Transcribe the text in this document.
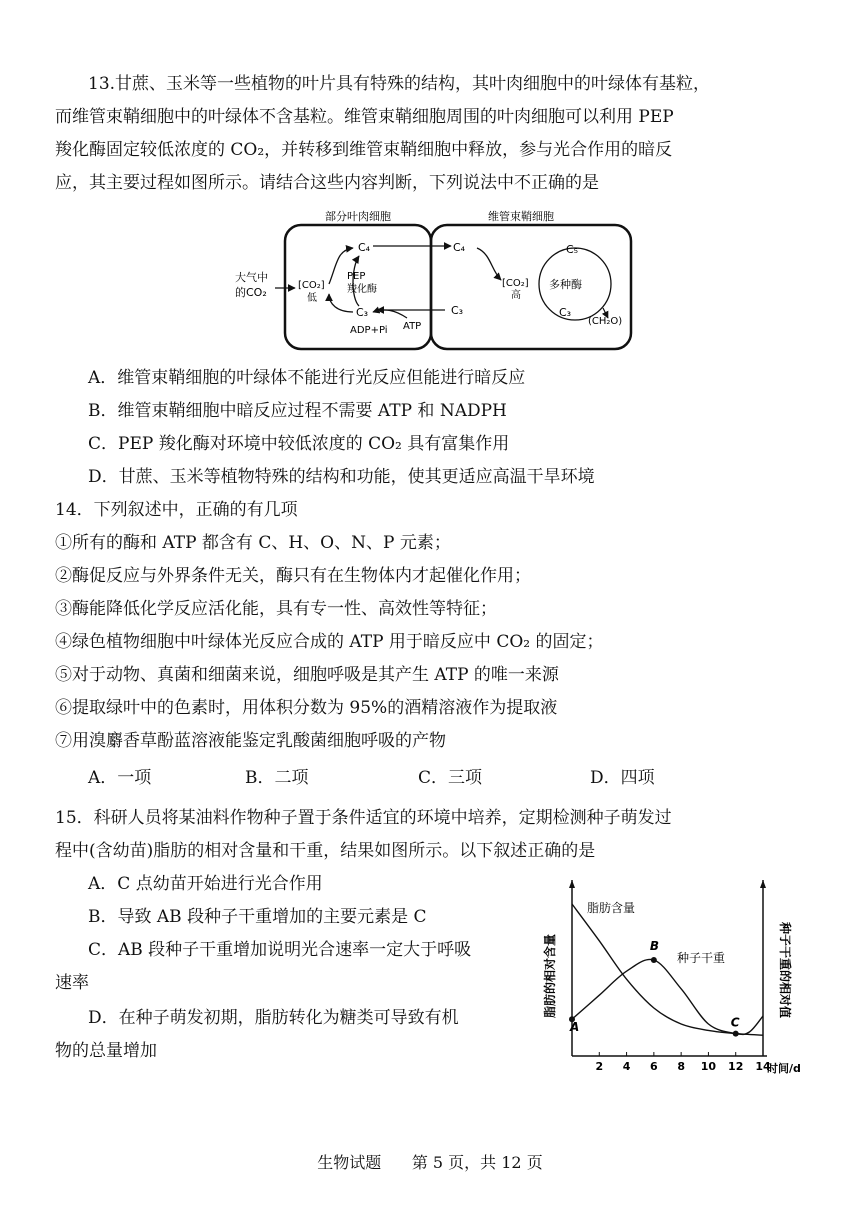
13.甘蔗、玉米等一些植物的叶片具有特殊的结构，其叶肉细胞中的叶绿体有基粒，
而维管束鞘细胞中的叶绿体不含基粒。维管束鞘细胞周围的叶肉细胞可以利用 PEP
羧化酶固定较低浓度的 CO₂，并转移到维管束鞘细胞中释放，参与光合作用的暗反
应，其主要过程如图所示。请结合这些内容判断，下列说法中不正确的是
部分叶肉细胞	维管束鞘细胞
大气中
的CO₂
[CO₂]
低
C₄
PEP
羧化酶
C₃
ADP+Pi ATP
C₄
[CO₂]
高
C₃
C₅
多种酶
C₃
(CH₂O)
A．维管束鞘细胞的叶绿体不能进行光反应但能进行暗反应
B．维管束鞘细胞中暗反应过程不需要 ATP 和 NADPH
C．PEP 羧化酶对环境中较低浓度的 CO₂ 具有富集作用
D．甘蔗、玉米等植物特殊的结构和功能，使其更适应高温干旱环境
14．下列叙述中，正确的有几项
①所有的酶和 ATP 都含有 C、H、O、N、P 元素；
②酶促反应与外界条件无关，酶只有在生物体内才起催化作用；
③酶能降低化学反应活化能，具有专一性、高效性等特征；
④绿色植物细胞中叶绿体光反应合成的 ATP 用于暗反应中 CO₂ 的固定；
⑤对于动物、真菌和细菌来说，细胞呼吸是其产生 ATP 的唯一来源
⑥提取绿叶中的色素时，用体积分数为 95%的酒精溶液作为提取液
⑦用溴麝香草酚蓝溶液能鉴定乳酸菌细胞呼吸的产物
A．一项	B．二项	C．三项	D．四项
15．科研人员将某油料作物种子置于条件适宜的环境中培养，定期检测种子萌发过
程中(含幼苗)脂肪的相对含量和干重，结果如图所示。以下叙述正确的是
A．C 点幼苗开始进行光合作用
B．导致 AB 段种子干重增加的主要元素是 C
C．AB 段种子干重增加说明光合速率一定大于呼吸
速率
D．在种子萌发初期，脂肪转化为糖类可导致有机
物的总量增加
脂肪的相对含量	种子干重的相对值
时间/d
脂肪含量
种子干重
2 4 6 8 10 12 14
A
B
C
生物试题 第 5 页，共 12 页
